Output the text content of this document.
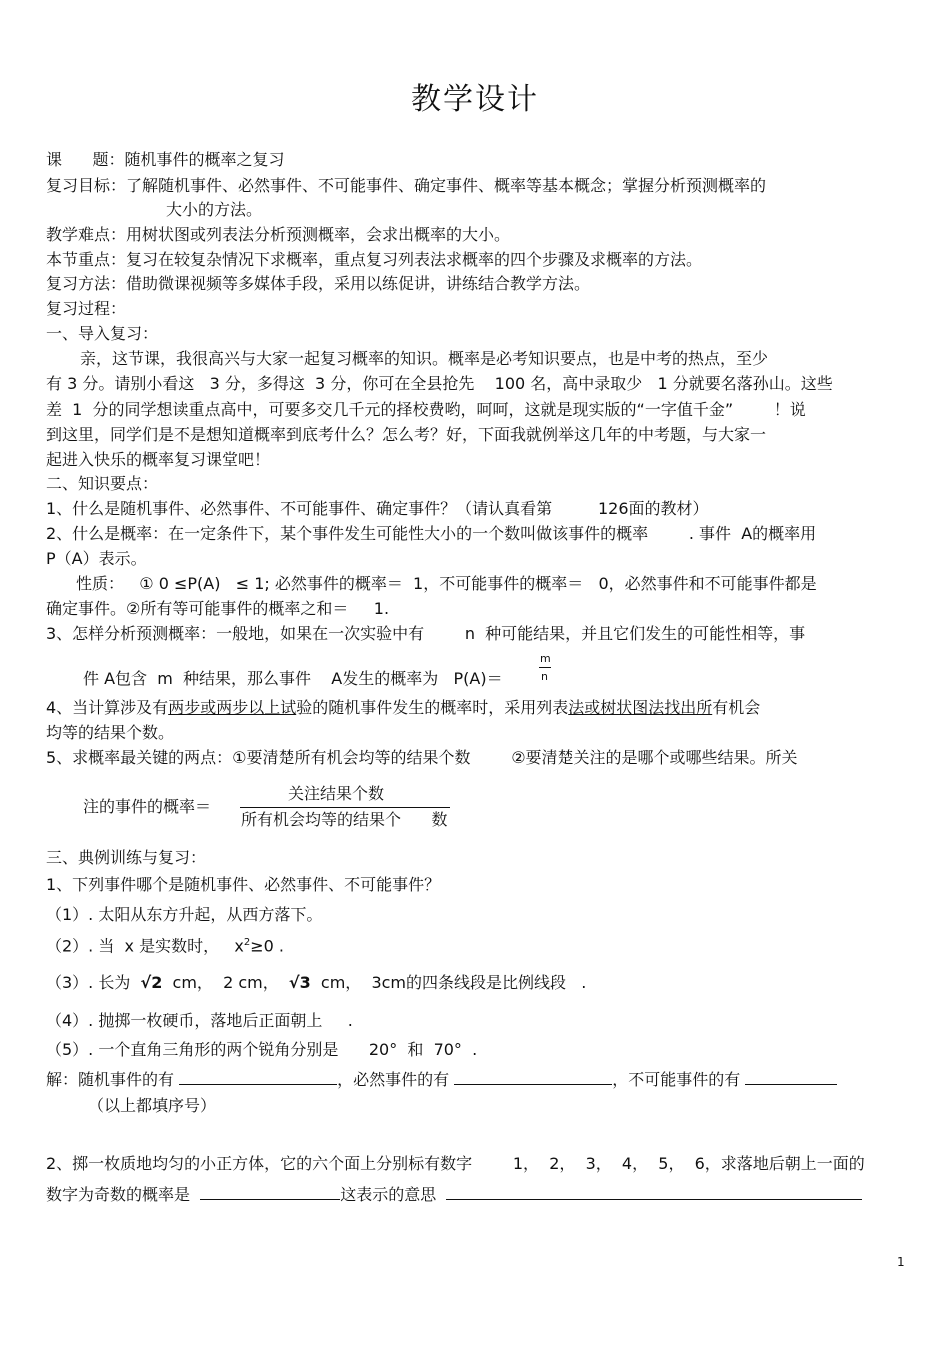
教学设计
课      题：随机事件的概率之复习
复习目标：了解随机事件、必然事件、不可能事件、确定事件、概率等基本概念；掌握分析预测概率的
大小的方法。
教学难点：用树状图或列表法分析预测概率，会求出概率的大小。
本节重点：复习在较复杂情况下求概率，重点复习列表法求概率的四个步骤及求概率的方法。
复习方法：借助微课视频等多媒体手段，采用以练促讲，讲练结合教学方法。
复习过程：
一、导入复习：
亲，这节课，我很高兴与大家一起复习概率的知识。概率是必考知识要点，也是中考的热点，至少
有 3 分。请别小看这   3 分，多得这  3 分，你可在全县抢先    100 名，高中录取少   1 分就要名落孙山。这些
差  1  分的同学想读重点高中，可要多交几千元的择校费哟，呵呵，这就是现实版的“一字值千金”        ！说
到这里，同学们是不是想知道概率到底考什么？怎么考？好，下面我就例举这几年的中考题，与大家一
起进入快乐的概率复习课堂吧！
二、知识要点：
1、什么是随机事件、必然事件、不可能事件、确定事件？（请认真看第         126面的教材）
2、什么是概率：在一定条件下，某个事件发生可能性大小的一个数叫做该事件的概率        . 事件  A的概率用
P（A）表示。
性质：   ① 0 ≤P(A)   ≤ 1; 必然事件的概率＝  1，不可能事件的概率＝   0，必然事件和不可能事件都是
确定事件。②所有等可能事件的概率之和＝     1.
3、怎样分析预测概率：一般地，如果在一次实验中有        n  种可能结果，并且它们发生的可能性相等，事
件 A包含  m  种结果，那么事件    A发生的概率为   P(A)＝
m
n
4、当计算涉及有两步或两步以上试验的随机事件发生的概率时，采用列表法或树状图法找出所有机会
均等的结果个数。
5、求概率最关键的两点：①要清楚所有机会均等的结果个数        ②要清楚关注的是哪个或哪些结果。所关
注的事件的概率＝
关注结果个数
所有机会均等的结果个      数
三、典例训练与复习：
1、下列事件哪个是随机事件、必然事件、不可能事件？
（1）. 太阳从东方升起，从西方落下。
（2）. 当  x 是实数时，   $x^2\ge 0$ .
（3）. 长为  √2  cm，  2 cm，  √3  cm，  3cm的四条线段是比例线段   .
（4）. 抛掷一枚硬币，落地后正面朝上     .
（5）. 一个直角三角形的两个锐角分别是      20°  和  70°  .
解：随机事件的有	，必然事件的有	，不可能事件的有
（以上都填序号）
2、掷一枚质地均匀的小正方体，它的六个面上分别标有数字        1，  2，  3，  4，  5，  6，求落地后朝上一面的
数字为奇数的概率是	这表示的意思
1
